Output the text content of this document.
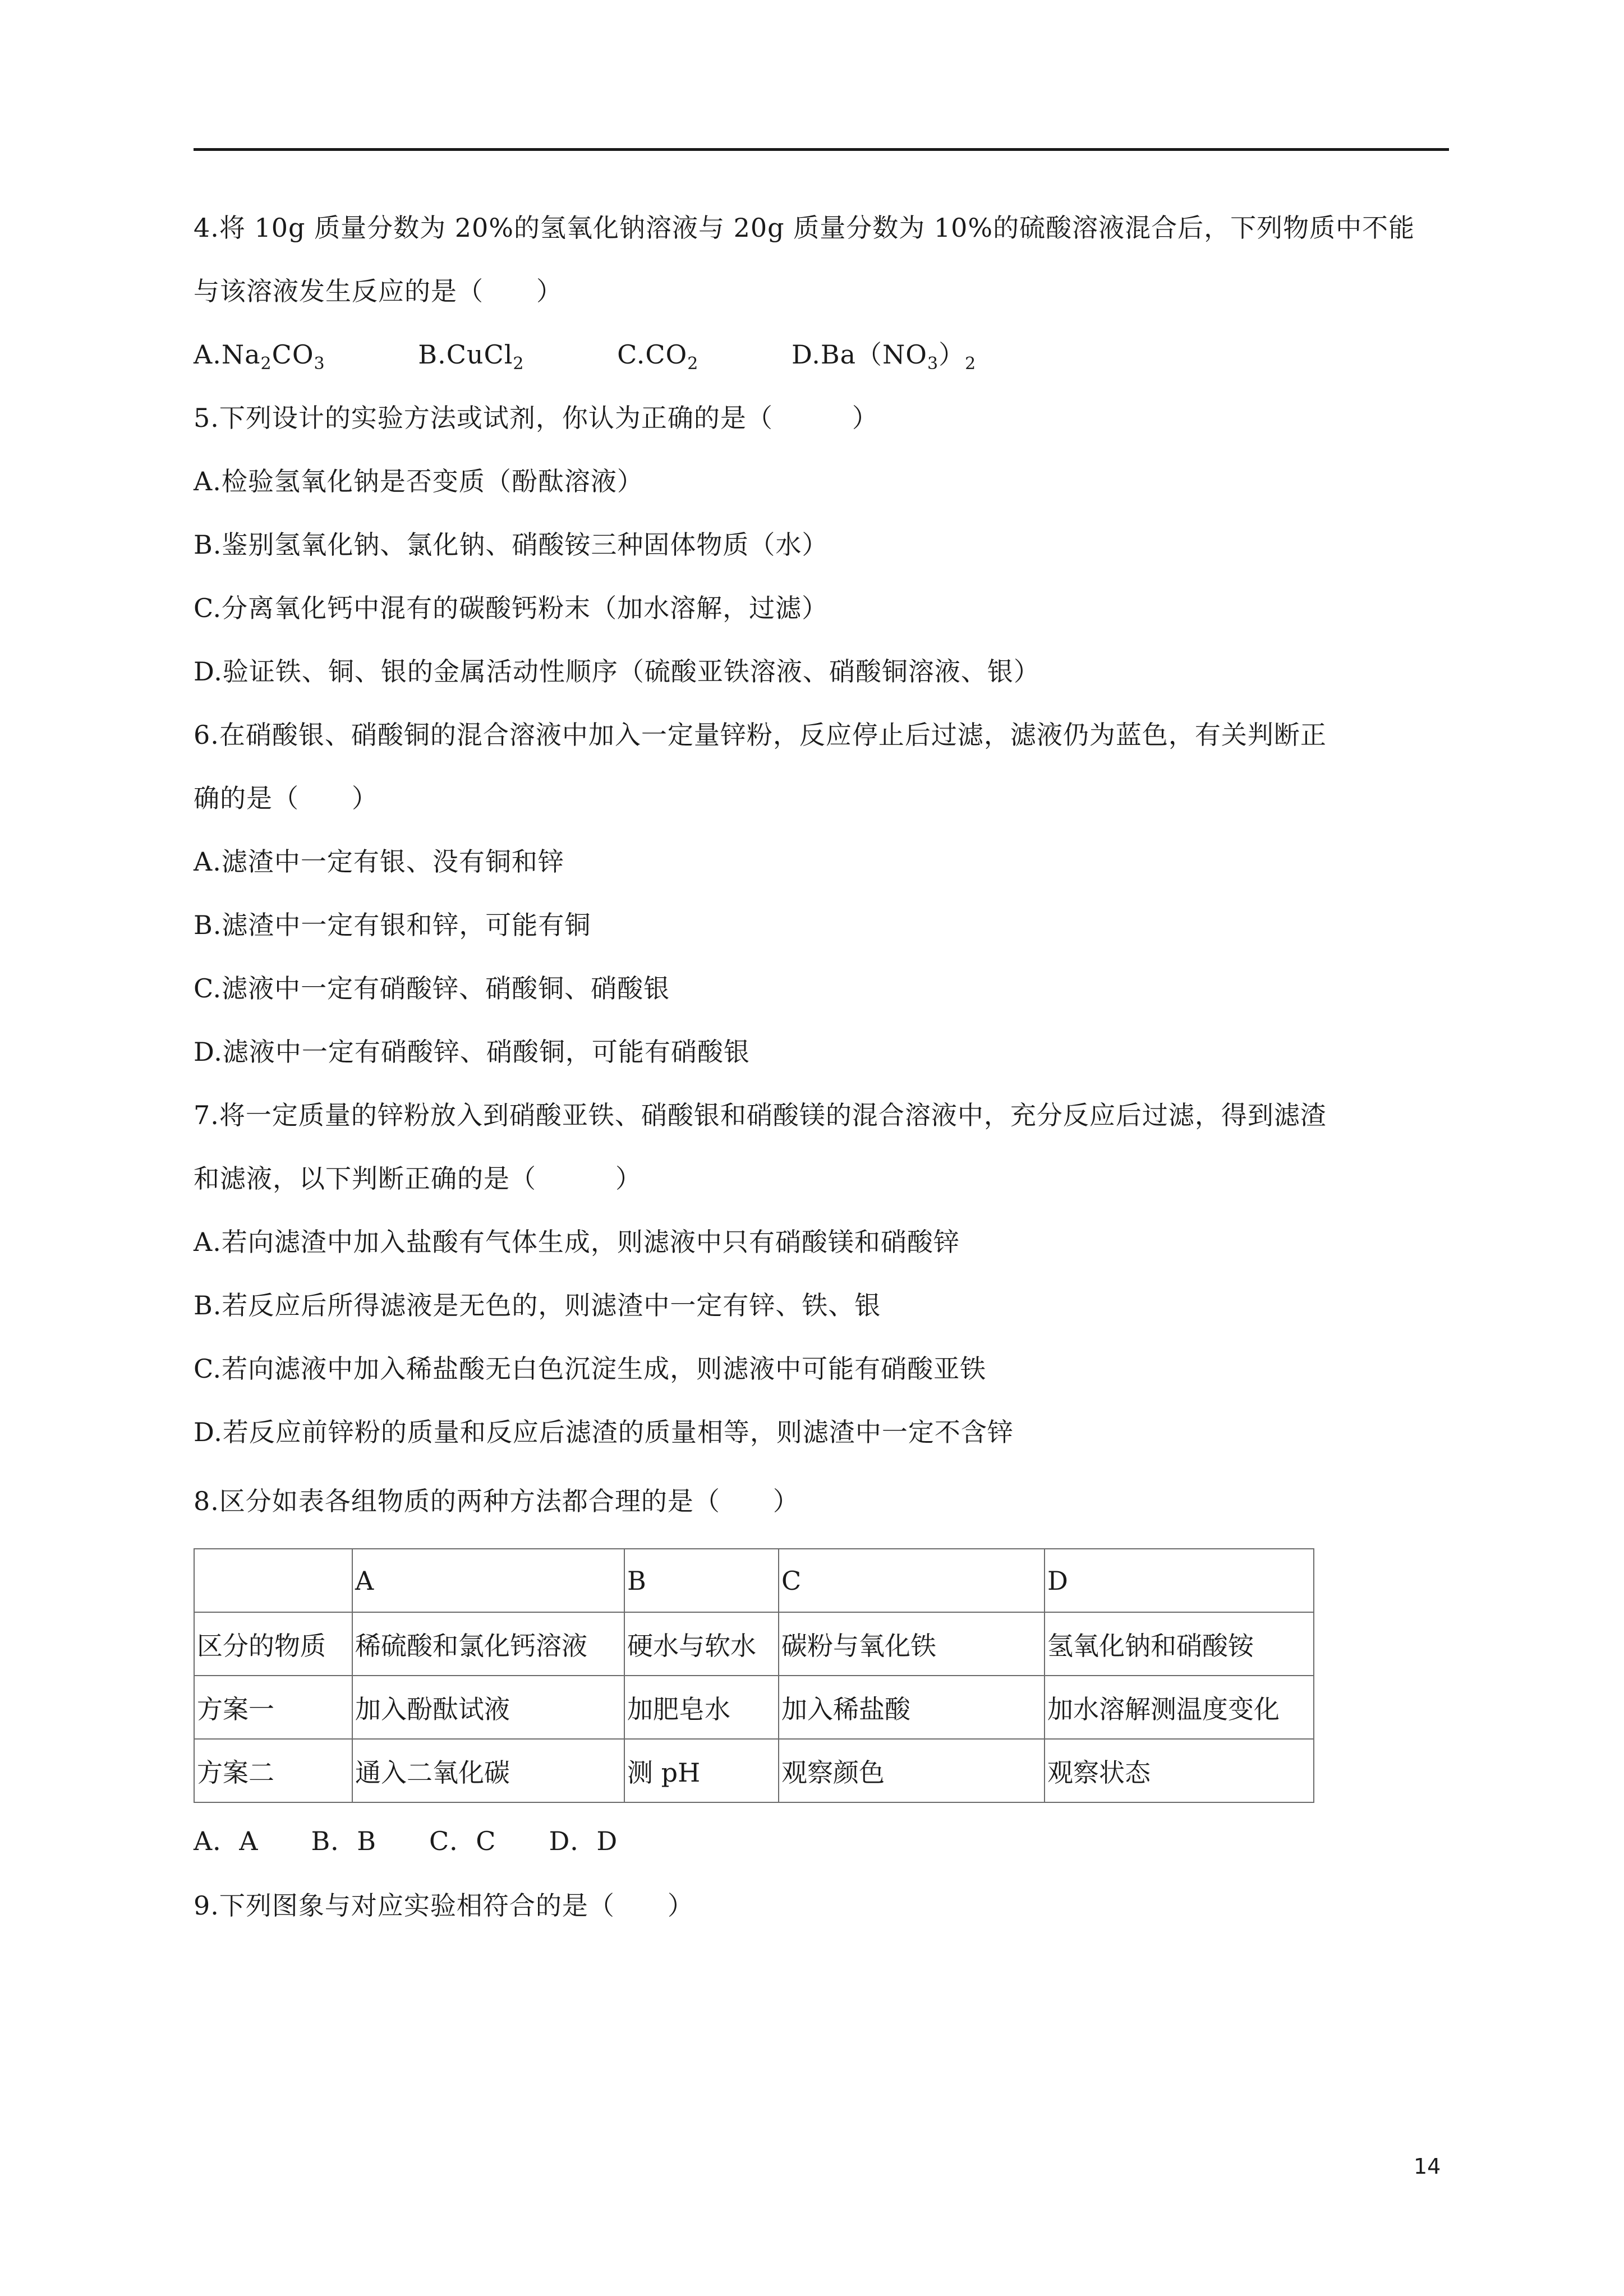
4.将 10g 质量分数为 20%的氢氧化钠溶液与 20g 质量分数为 10%的硫酸溶液混合后，下列物质中不能
与该溶液发生反应的是（　　）
$A.Na_2CO_3$	B.CuCl$_2$	$C.CO_2$	$D.Ba(NO_3)_2$
5.下列设计的实验方法或试剂，你认为正确的是（　　　）
A.检验氢氧化钠是否变质（酚酞溶液）
B.鉴别氢氧化钠、氯化钠、硝酸铵三种固体物质（水）
C.分离氧化钙中混有的碳酸钙粉末（加水溶解，过滤）
D.验证铁、铜、银的金属活动性顺序（硫酸亚铁溶液、硝酸铜溶液、银）
6.在硝酸银、硝酸铜的混合溶液中加入一定量锌粉，反应停止后过滤，滤液仍为蓝色，有关判断正
确的是（　　）
A.滤渣中一定有银、没有铜和锌
B.滤渣中一定有银和锌，可能有铜
C.滤液中一定有硝酸锌、硝酸铜、硝酸银
D.滤液中一定有硝酸锌、硝酸铜，可能有硝酸银
7.将一定质量的锌粉放入到硝酸亚铁、硝酸银和硝酸镁的混合溶液中，充分反应后过滤，得到滤渣
和滤液，以下判断正确的是（　　　）
A.若向滤渣中加入盐酸有气体生成，则滤液中只有硝酸镁和硝酸锌
B.若反应后所得滤液是无色的，则滤渣中一定有锌、铁、银
C.若向滤液中加入稀盐酸无白色沉淀生成，则滤液中可能有硝酸亚铁
D.若反应前锌粉的质量和反应后滤渣的质量相等，则滤渣中一定不含锌
8.区分如表各组物质的两种方法都合理的是（　　）
	A	B	C	D
区分的物质	稀硫酸和氯化钙溶液	硬水与软水	碳粉与氧化铁	氢氧化钠和硝酸铵
方案一	加入酚酞试液	加肥皂水	加入稀盐酸	加水溶解测温度变化
方案二	通入二氧化碳	测 pH	观察颜色	观察状态
A．A　　B．B　　C．C　　D．D
9.下列图象与对应实验相符合的是（　　）
14
